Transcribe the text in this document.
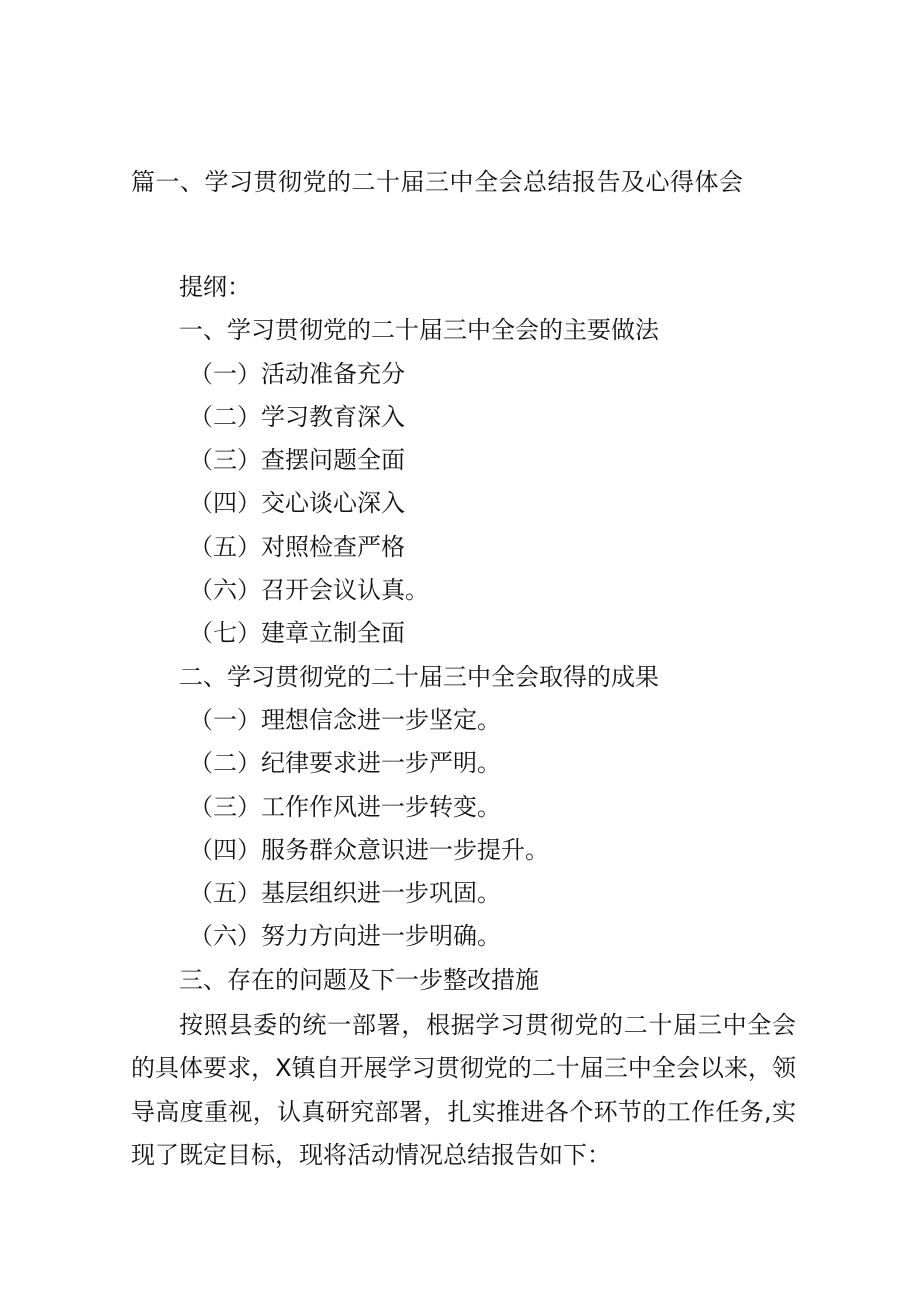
篇一、学习贯彻党的二十届三中全会总结报告及心得体会
提纲：
一、学习贯彻党的二十届三中全会的主要做法
（一）活动准备充分
（二）学习教育深入
（三）查摆问题全面
（四）交心谈心深入
（五）对照检查严格
（六）召开会议认真。
（七）建章立制全面
二、学习贯彻党的二十届三中全会取得的成果
（一）理想信念进一步坚定。
（二）纪律要求进一步严明。
（三）工作作风进一步转变。
（四）服务群众意识进一步提升。
（五）基层组织进一步巩固。
（六）努力方向进一步明确。
三、存在的问题及下一步整改措施

按照县委的统一部署，根据学习贯彻党的二十届三中全会的具体要求，X镇自开展学习贯彻党的二十届三中全会以来，领导高度重视，认真研究部署，扎实推进各个环节的工作任务,实现了既定目标，现将活动情况总结报告如下：
